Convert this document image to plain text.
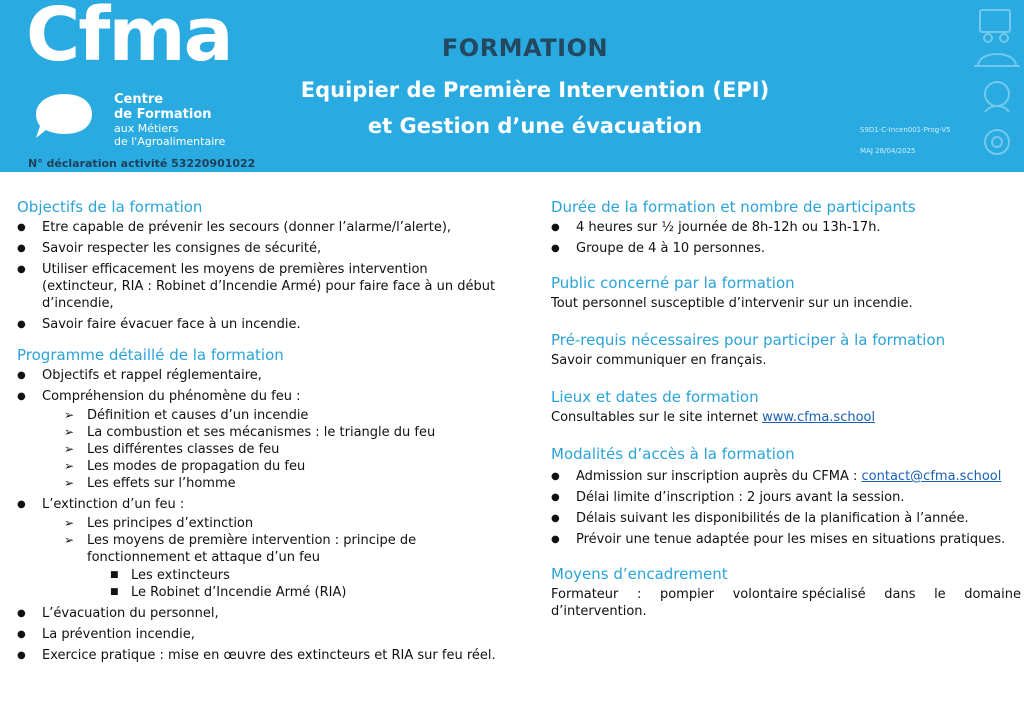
Cfma
Centre
de Formation
aux Métiers
de l'Agroalimentaire
N° déclaration activité 53220901022
FORMATION
Equipier de Première Intervention (EPI)
et Gestion d’une évacuation	S9D1-C-Incen001-Prog-V5
MAJ 28/04/2025
Objectifs de la formation
● Etre capable de prévenir les secours (donner l’alarme/l’alerte),
● Savoir respecter les consignes de sécurité,
● Utiliser efficacement les moyens de premières intervention (extincteur, RIA : Robinet d’Incendie Armé) pour faire face à un début d’incendie,
● Savoir faire évacuer face à un incendie.
Programme détaillé de la formation
● Objectifs et rappel réglementaire,
● Compréhension du phénomène du feu :
➢ Définition et causes d’un incendie
➢ La combustion et ses mécanismes : le triangle du feu
➢ Les différentes classes de feu
➢ Les modes de propagation du feu
➢ Les effets sur l’homme
● L’extinction d’un feu :
➢ Les principes d’extinction
➢ Les moyens de première intervention : principe de fonctionnement et attaque d’un feu
■ Les extincteurs
■ Le Robinet d’Incendie Armé (RIA)
● L’évacuation du personnel,
● La prévention incendie,
● Exercice pratique : mise en œuvre des extincteurs et RIA sur feu réel.
Durée de la formation et nombre de participants
● 4 heures sur ½ journée de 8h-12h ou 13h-17h.
● Groupe de 4 à 10 personnes.
Public concerné par la formation
Tout personnel susceptible d’intervenir sur un incendie.
Pré-requis nécessaires pour participer à la formation
Savoir communiquer en français.
Lieux et dates de formation
Consultables sur le site internet www.cfma.school
Modalités d’accès à la formation
● Admission sur inscription auprès du CFMA : contact@cfma.school
● Délai limite d’inscription : 2 jours avant la session.
● Délais suivant les disponibilités de la planification à l’année.
● Prévoir une tenue adaptée pour les mises en situations pratiques.
Moyens d’encadrement
Formateur : pompier volontaire spécialisé dans le domaine
d’intervention.
